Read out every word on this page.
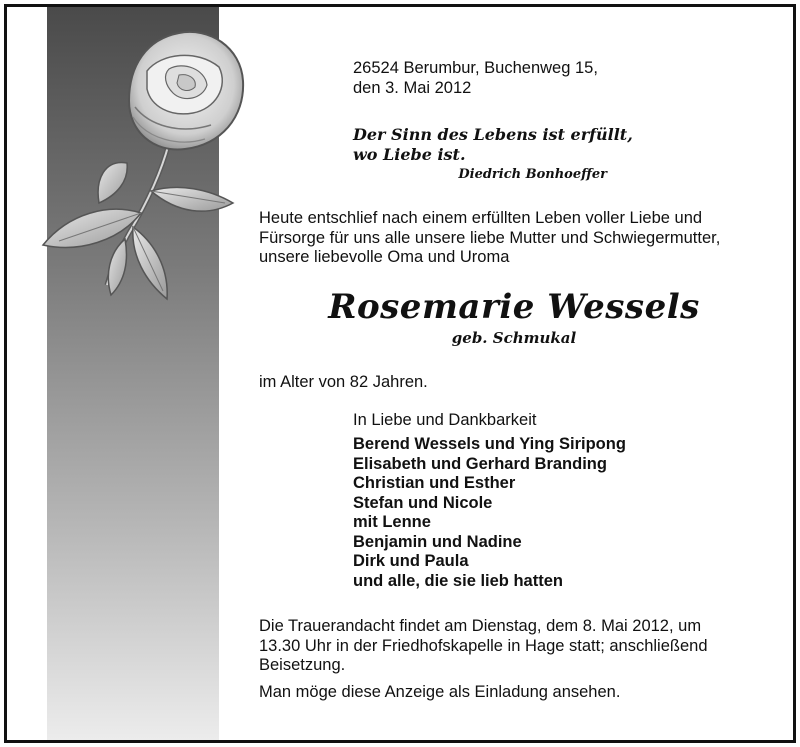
26524 Berumbur, Buchenweg 15,
den 3. Mai 2012
Der Sinn des Lebens ist erfüllt,
wo Liebe ist.
Diedrich Bonhoeffer
Heute entschlief nach einem erfüllten Leben voller Liebe und
Fürsorge für uns alle unsere liebe Mutter und Schwiegermutter,
unsere liebevolle Oma und Uroma
Rosemarie Wessels
geb. Schmukal
im Alter von 82 Jahren.
In Liebe und Dankbarkeit
Berend Wessels und Ying Siripong
Elisabeth und Gerhard Branding
Christian und Esther
Stefan und Nicole
mit Lenne
Benjamin und Nadine
Dirk und Paula
und alle, die sie lieb hatten
Die Trauerandacht findet am Dienstag, dem 8. Mai 2012, um
13.30 Uhr in der Friedhofskapelle in Hage statt; anschließend
Beisetzung.
Man möge diese Anzeige als Einladung ansehen.
